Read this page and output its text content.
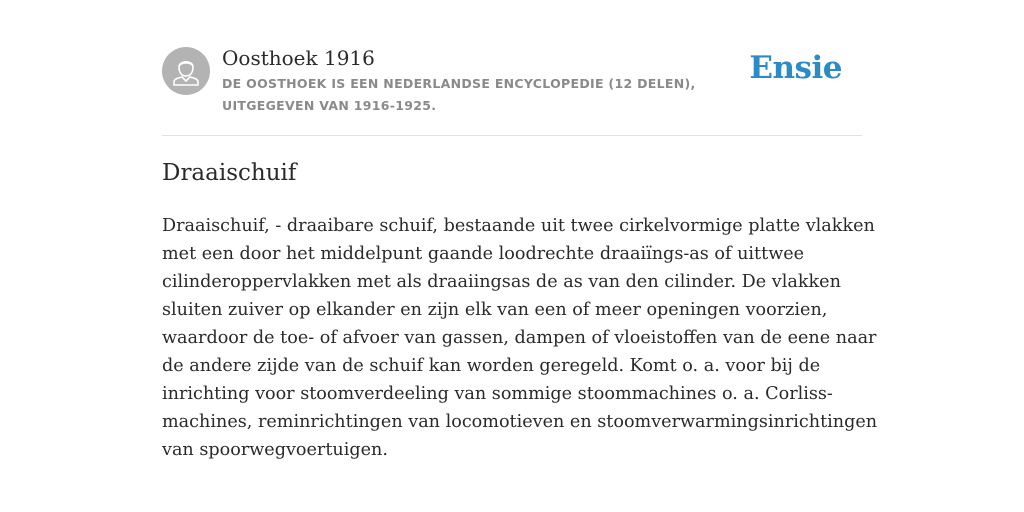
Oosthoek 1916
DE OOSTHOEK IS EEN NEDERLANDSE ENCYCLOPEDIE (12 DELEN), UITGEGEVEN VAN 1916-1925.
Ensie
Draaischuif
Draaischuif, - draaibare schuif, bestaande uit twee cirkelvormige platte vlakken
met een door het middelpunt gaande loodrechte draaiïngs-as of uittwee
cilinderoppervlakken met als draaiingsas de as van den cilinder. De vlakken
sluiten zuiver op elkander en zijn elk van een of meer openingen voorzien,
waardoor de toe- of afvoer van gassen, dampen of vloeistoffen van de eene naar
de andere zijde van de schuif kan worden geregeld. Komt o. a. voor bij de
inrichting voor stoomverdeeling van sommige stoommachines o. a. Corliss-
machines, reminrichtingen van locomotieven en stoomverwarmingsinrichtingen
van spoorwegvoertuigen.
